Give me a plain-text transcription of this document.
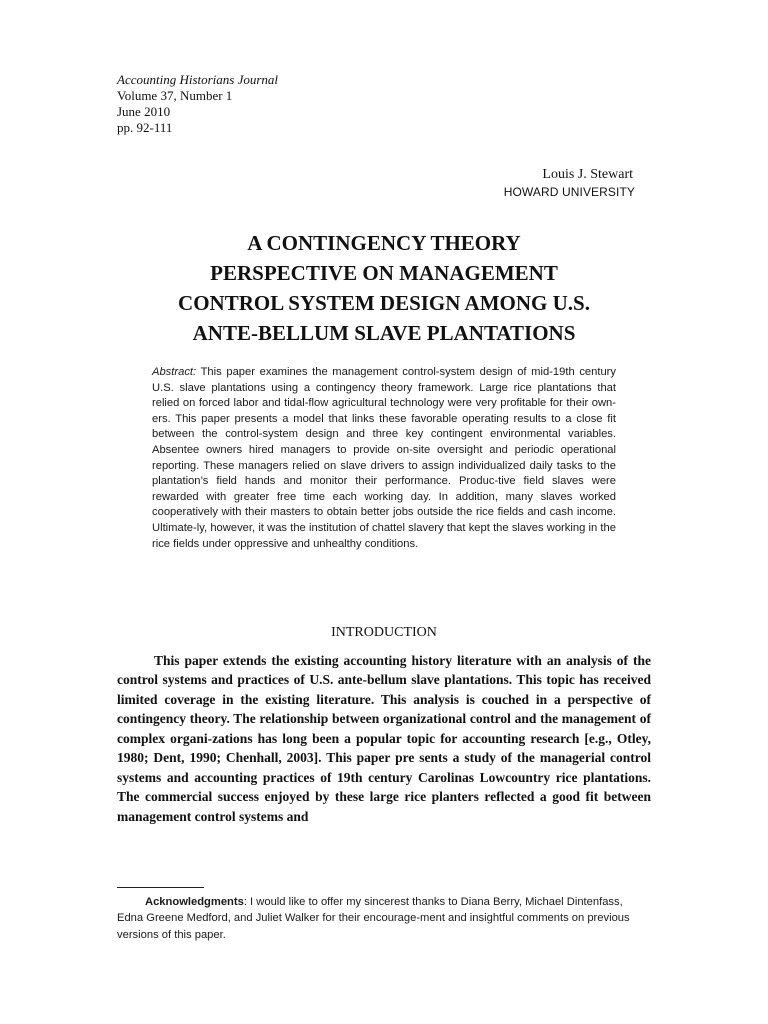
Accounting Historians Journal
Volume 37, Number 1
June 2010
pp. 92-111
Louis J. Stewart
HOWARD UNIVERSITY
A CONTINGENCY THEORY
PERSPECTIVE ON MANAGEMENT
CONTROL SYSTEM DESIGN AMONG U.S.
ANTE-BELLUM SLAVE PLANTATIONS
Abstract: This paper examines the management control-system design of mid-19th century U.S. slave plantations using a contingency theory framework. Large rice plantations that relied on forced labor and tidal-flow agricultural technology were very profitable for their own-ers. This paper presents a model that links these favorable operating results to a close fit between the control-system design and three key contingent environmental variables. Absentee owners hired managers to provide on-site oversight and periodic operational reporting. These managers relied on slave drivers to assign individualized daily tasks to the plantation’s field hands and monitor their performance. Produc-tive field slaves were rewarded with greater free time each working day. In addition, many slaves worked cooperatively with their masters to obtain better jobs outside the rice fields and cash income. Ultimate-ly, however, it was the institution of chattel slavery that kept the slaves working in the rice fields under oppressive and unhealthy conditions.
INTRODUCTION

This paper extends the existing accounting history literature with an analysis of the control systems and practices of U.S. ante-bellum slave plantations. This topic has received limited coverage in the existing literature. This analysis is couched in a perspective of contingency theory. The relationship between organizational control and the management of complex organi-zations has long been a popular topic for accounting research [e.g., Otley, 1980; Dent, 1990; Chenhall, 2003]. This paper pre sents a study of the managerial control systems and accounting practices of 19th century Carolinas Lowcountry rice plantations. The commercial success enjoyed by these large rice planters reflected a good fit between management control systems and

Acknowledgments: I would like to offer my sincerest thanks to Diana Berry, Michael Dintenfass, Edna Greene Medford, and Juliet Walker for their encourage-ment and insightful comments on previous versions of this paper.
